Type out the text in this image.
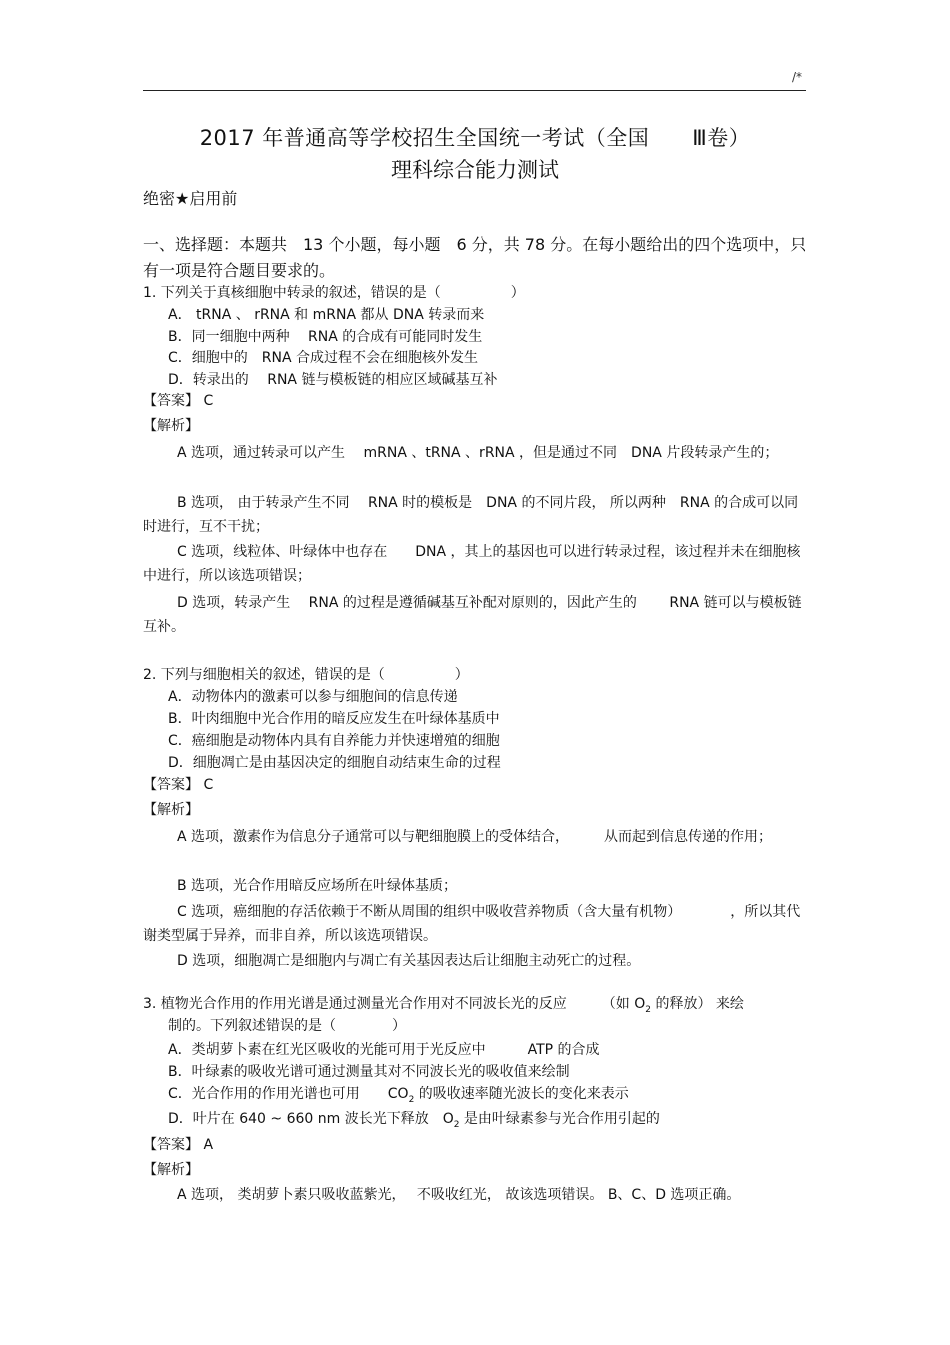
/*
2017 年普通高等学校招生全国统一考试（全国　　Ⅲ卷）
理科综合能力测试
绝密★启用前
一、选择题：本题共　13 个小题，每小题　6 分，共 78 分。在每小题给出的四个选项中，只有一项是符合题目要求的。
1. 下列关于真核细胞中转录的叙述，错误的是（　　　　　）
A． tRNA 、 rRNA 和 mRNA 都从 DNA 转录而来
B．同一细胞中两种　 RNA 的合成有可能同时发生
C．细胞中的　RNA 合成过程不会在细胞核外发生
D．转录出的　 RNA 链与模板链的相应区域碱基互补
【答案】 C
【解析】
A 选项，通过转录可以产生　 mRNA 、tRNA 、rRNA ，但是通过不同　DNA 片段转录产生的；
B 选项， 由于转录产生不同　 RNA 时的模板是　DNA 的不同片段， 所以两种　RNA 的合成可以同时进行，互不干扰；
C 选项，线粒体、叶绿体中也存在　　DNA ，其上的基因也可以进行转录过程，该过程并未在细胞核中进行，所以该选项错误；
D 选项，转录产生　 RNA 的过程是遵循碱基互补配对原则的，因此产生的　　 RNA 链可以与模板链互补。
2. 下列与细胞相关的叙述，错误的是（　　　　　）
A．动物体内的激素可以参与细胞间的信息传递
B．叶肉细胞中光合作用的暗反应发生在叶绿体基质中
C．癌细胞是动物体内具有自养能力并快速增殖的细胞
D．细胞凋亡是由基因决定的细胞自动结束生命的过程
【答案】 C
【解析】
A 选项，激素作为信息分子通常可以与靶细胞膜上的受体结合，　　　从而起到信息传递的作用；
B 选项，光合作用暗反应场所在叶绿体基质；
C 选项，癌细胞的存活依赖于不断从周围的组织中吸收营养物质（含大量有机物）　　　　，所以其代谢类型属于异养，而非自养，所以该选项错误。
D 选项，细胞凋亡是细胞内与凋亡有关基因表达后让细胞主动死亡的过程。
3. 植物光合作用的作用光谱是通过测量光合作用对不同波长光的反应　　　（如 $O_2$ 的释放） 来绘
制的。下列叙述错误的是（　　　　）
A．类胡萝卜素在红光区吸收的光能可用于光反应中　　　ATP 的合成
B．叶绿素的吸收光谱可通过测量其对不同波长光的吸收值来绘制
C．光合作用的作用光谱也可用　　$CO_2$ 的吸收速率随光波长的变化来表示
D．叶片在 640 ~ 660 nm 波长光下释放　$O_2$ 是由叶绿素参与光合作用引起的
【答案】 A
【解析】
A 选项， 类胡萝卜素只吸收蓝紫光，　 不吸收红光， 故该选项错误。 B、C、D 选项正确。
